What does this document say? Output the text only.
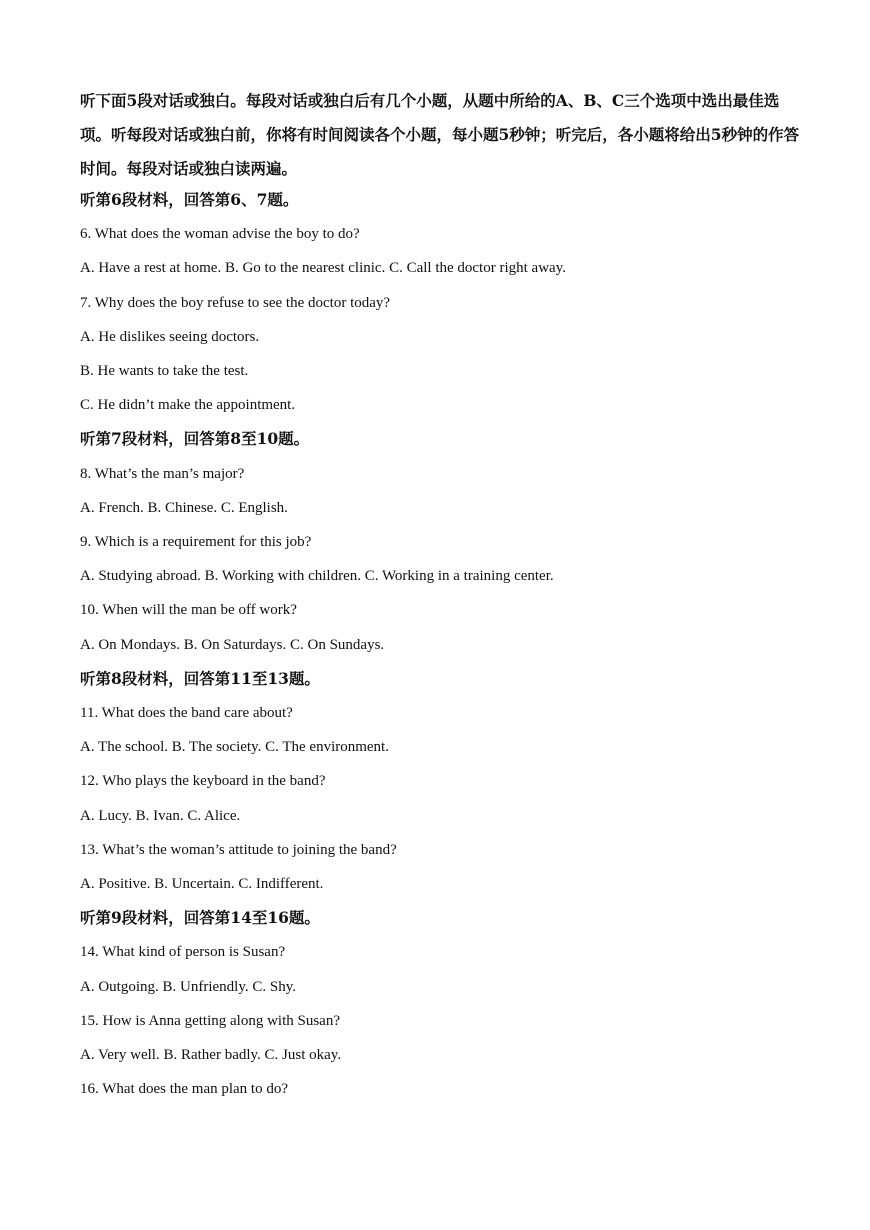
听下面5段对话或独白。每段对话或独白后有几个小题，从题中所给的A、B、C三个选项中选出最佳选项。听每段对话或独白前，你将有时间阅读各个小题，每小题5秒钟；听完后，各小题将给出5秒钟的作答时间。每段对话或独白读两遍。
听第6段材料，回答第6、7题。
6. What does the woman advise the boy to do?
A. Have a rest at home. B. Go to the nearest clinic. C. Call the doctor right away.
7. Why does the boy refuse to see the doctor today?
A. He dislikes seeing doctors.
B. He wants to take the test.
C. He didn’t make the appointment.
听第7段材料，回答第8至10题。
8. What’s the man’s major?
A. French. B. Chinese. C. English.
9. Which is a requirement for this job?
A. Studying abroad. B. Working with children. C. Working in a training center.
10. When will the man be off work?
A. On Mondays. B. On Saturdays. C. On Sundays.
听第8段材料，回答第11至13题。
11. What does the band care about?
A. The school. B. The society. C. The environment.
12. Who plays the keyboard in the band?
A. Lucy. B. Ivan. C. Alice.
13. What’s the woman’s attitude to joining the band?
A. Positive. B. Uncertain. C. Indifferent.
听第9段材料，回答第14至16题。
14. What kind of person is Susan?
A. Outgoing. B. Unfriendly. C. Shy.
15. How is Anna getting along with Susan?
A. Very well. B. Rather badly. C. Just okay.
16. What does the man plan to do?
